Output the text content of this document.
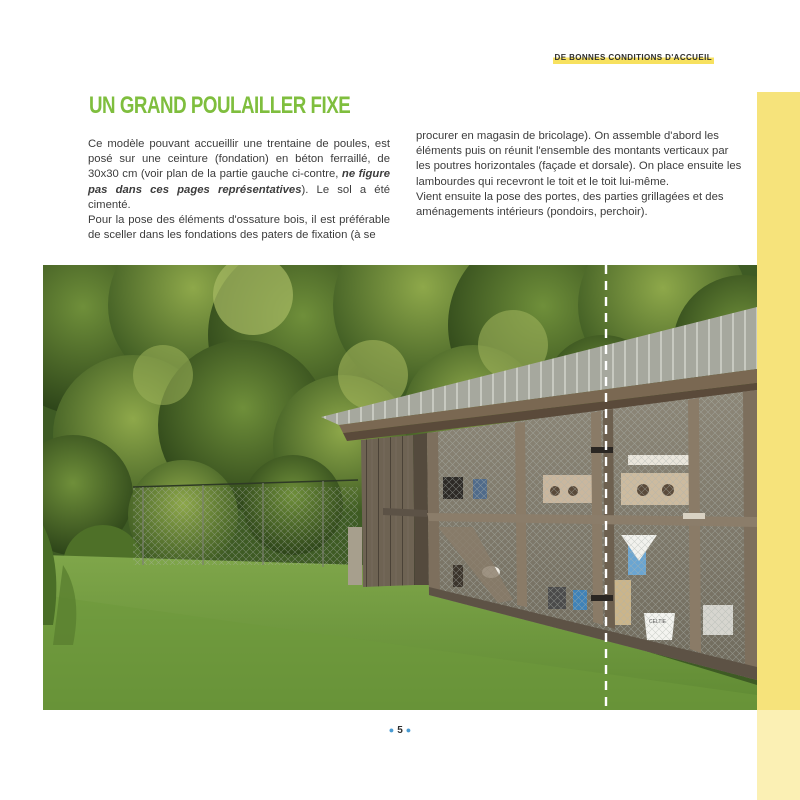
DE BONNES CONDITIONS D'ACCUEIL
UN GRAND POULAILLER FIXE

Ce modèle pouvant accueillir une trentaine de poules, est posé sur une ceinture (fondation) en béton ferraillé, de 30x30 cm (voir plan de la partie gauche ci-contre, ne figure pas dans ces pages représentatives). Le sol a été cimenté.

Pour la pose des éléments d'ossature bois, il est préférable de sceller dans les fondations des paters de fixation (à se

procurer en magasin de bricolage). On assemble d'abord les éléments puis on réunit l'ensemble des montants verticaux par les poutres horizontales (façade et dorsale). On place ensuite les lambourdes qui recevront le toit et le toit lui-même.

Vient ensuite la pose des portes, des parties grillagées et des aménagements intérieurs (pondoirs, perchoir).

● 5 ●
